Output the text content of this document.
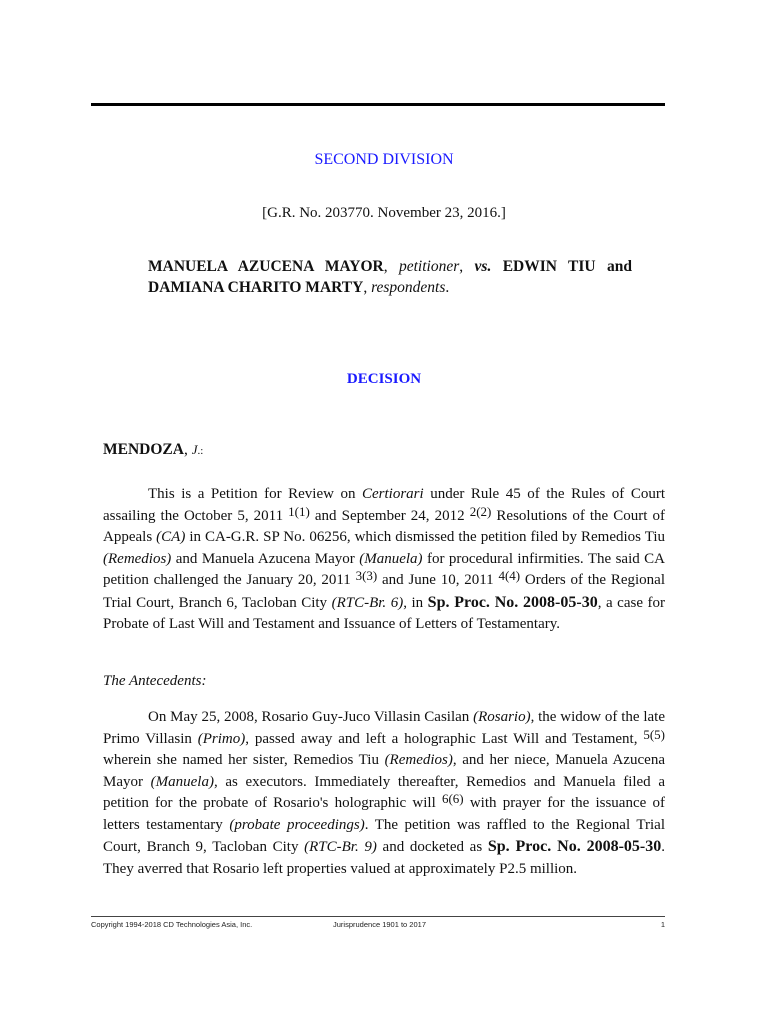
SECOND DIVISION
[G.R. No. 203770. November 23, 2016.]
MANUELA AZUCENA MAYOR, petitioner, vs. EDWIN TIU and DAMIANA CHARITO MARTY, respondents.
DECISION
MENDOZA, J.:

This is a Petition for Review on Certiorari under Rule 45 of the Rules of Court assailing the October 5, 2011 1(1) and September 24, 2012 2(2) Resolutions of the Court of Appeals (CA) in CA-G.R. SP No. 06256, which dismissed the petition filed by Remedios Tiu (Remedios) and Manuela Azucena Mayor (Manuela) for procedural infirmities. The said CA petition challenged the January 20, 2011 3(3) and June 10, 2011 4(4) Orders of the Regional Trial Court, Branch 6, Tacloban City (RTC-Br. 6), in Sp. Proc. No. 2008-05-30, a case for Probate of Last Will and Testament and Issuance of Letters of Testamentary.

The Antecedents:

On May 25, 2008, Rosario Guy-Juco Villasin Casilan (Rosario), the widow of the late Primo Villasin (Primo), passed away and left a holographic Last Will and Testament, 5(5) wherein she named her sister, Remedios Tiu (Remedios), and her niece, Manuela Azucena Mayor (Manuela), as executors. Immediately thereafter, Remedios and Manuela filed a petition for the probate of Rosario's holographic will 6(6) with prayer for the issuance of letters testamentary (probate proceedings). The petition was raffled to the Regional Trial Court, Branch 9, Tacloban City (RTC-Br. 9) and docketed as Sp. Proc. No. 2008-05-30. They averred that Rosario left properties valued at approximately P2.5 million.

Copyright 1994-2018 CD Technologies Asia, Inc.	Jurisprudence 1901 to 2017	1
